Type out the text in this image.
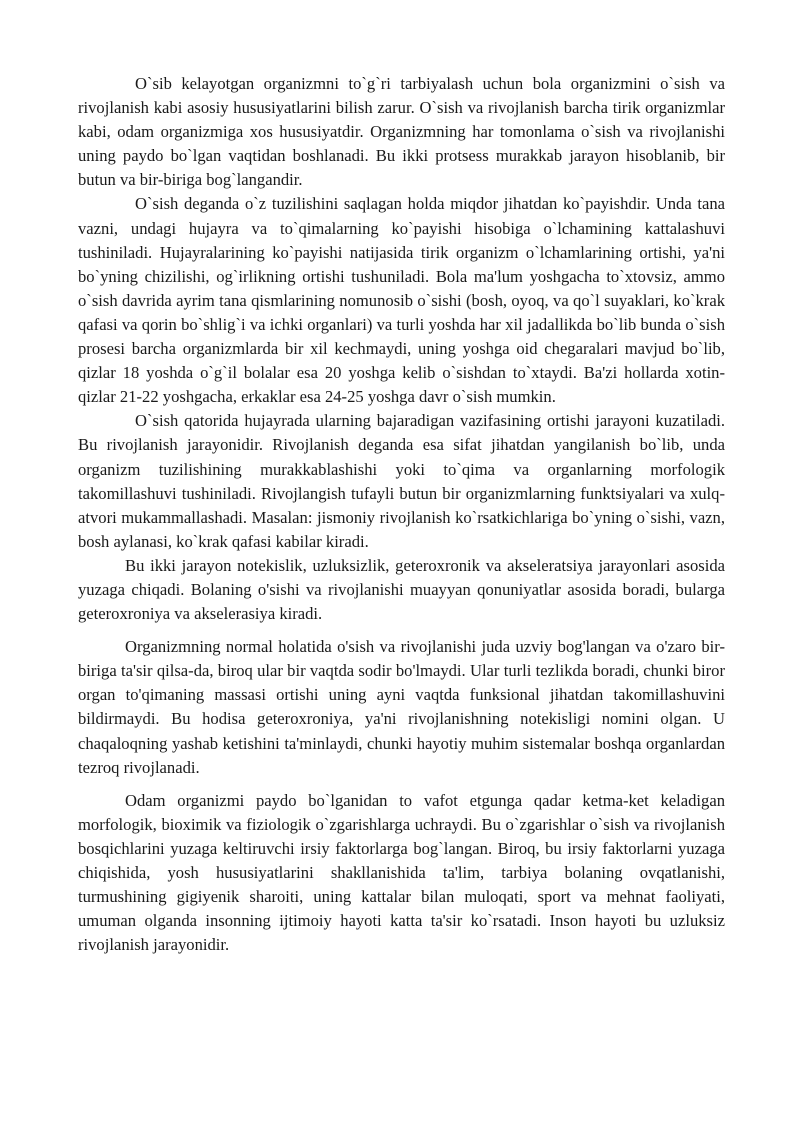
O`sib kelayotgan organizmni to`g`ri tarbiyalash uchun bola organizmini o`sish va rivojlanish kabi asosiy hususiyatlarini bilish zarur. O`sish va rivojlanish barcha tirik organizmlar kabi, odam organizmiga xos hususiyatdir. Organizmning har tomonlama o`sish va rivojlanishi uning paydo bo`lgan vaqtidan boshlanadi. Bu ikki protsess murakkab jarayon hisoblanib, bir butun va bir-biriga bog`langandir.

O`sish deganda o`z tuzilishini saqlagan holda miqdor jihatdan ko`payishdir. Unda tana vazni, undagi hujayra va to`qimalarning ko`payishi hisobiga o`lchamining kattalashuvi tushiniladi. Hujayralarining ko`payishi natijasida tirik organizm o`lchamlarining ortishi, ya'ni bo`yning chizilishi, og`irlikning ortishi tushuniladi. Bola ma'lum yoshgacha to`xtovsiz, ammo o`sish davrida ayrim tana qismlarining nomunosib o`sishi (bosh, oyoq, va qo`l suyaklari, ko`krak qafasi va qorin bo`shlig`i va ichki organlari) va turli yoshda har xil jadallikda bo`lib bunda o`sish prosesi barcha organizmlarda bir xil kechmaydi, uning yoshga oid chegaralari mavjud bo`lib, qizlar 18 yoshda o`g`il bolalar esa 20 yoshga kelib o`sishdan to`xtaydi. Ba'zi hollarda xotin-qizlar 21-22 yoshgacha, erkaklar esa 24-25 yoshga davr o`sish mumkin.

O`sish qatorida hujayrada ularning bajaradigan vazifasining ortishi jarayoni kuzatiladi. Bu rivojlanish jarayonidir. Rivojlanish deganda esa sifat jihatdan yangilanish bo`lib, unda organizm tuzilishining murakkablashishi yoki to`qima va organlarning morfologik takomillashuvi tushiniladi. Rivojlangish tufayli butun bir organizmlarning funktsiyalari va xulq-atvori mukammallashadi. Masalan: jismoniy rivojlanish ko`rsatkichlariga bo`yning o`sishi, vazn, bosh aylanasi, ko`krak qafasi kabilar kiradi.

Bu ikki jarayon notekislik, uzluksizlik, geteroxronik va akseleratsiya jarayonlari asosida yuzaga chiqadi. Bolaning o'sishi va rivojlanishi muayyan qonuniyatlar asosida boradi, bularga geteroxroniya va akselerasiya kiradi.

Organizmning normal holatida o'sish va rivojlanishi juda uzviy bog'langan va o'zaro bir-biriga ta'sir qilsa-da, biroq ular bir vaqtda sodir bo'lmaydi. Ular turli tezlikda boradi, chunki biror organ to'qimaning massasi ortishi uning ayni vaqtda funksional jihatdan takomillashuvini bildirmaydi. Bu hodisa geteroxroniya, ya'ni rivojlanishning notekisligi nomini olgan. U chaqaloqning yashab ketishini ta'minlaydi, chunki hayotiy muhim sistemalar boshqa organlardan tezroq rivojlanadi.

Odam organizmi paydo bo`lganidan to vafot etgunga qadar ketma-ket keladigan morfologik, bioximik va fiziologik o`zgarishlarga uchraydi. Bu o`zgarishlar o`sish va rivojlanish bosqichlarini yuzaga keltiruvchi irsiy faktorlarga bog`langan. Biroq, bu irsiy faktorlarni yuzaga chiqishida, yosh hususiyatlarini shakllanishida ta'lim, tarbiya bolaning ovqatlanishi, turmushining gigiyenik sharoiti, uning kattalar bilan muloqati, sport va mehnat faoliyati, umuman olganda insonning ijtimoiy hayoti katta ta'sir ko`rsatadi. Inson hayoti bu uzluksiz rivojlanish jarayonidir.
